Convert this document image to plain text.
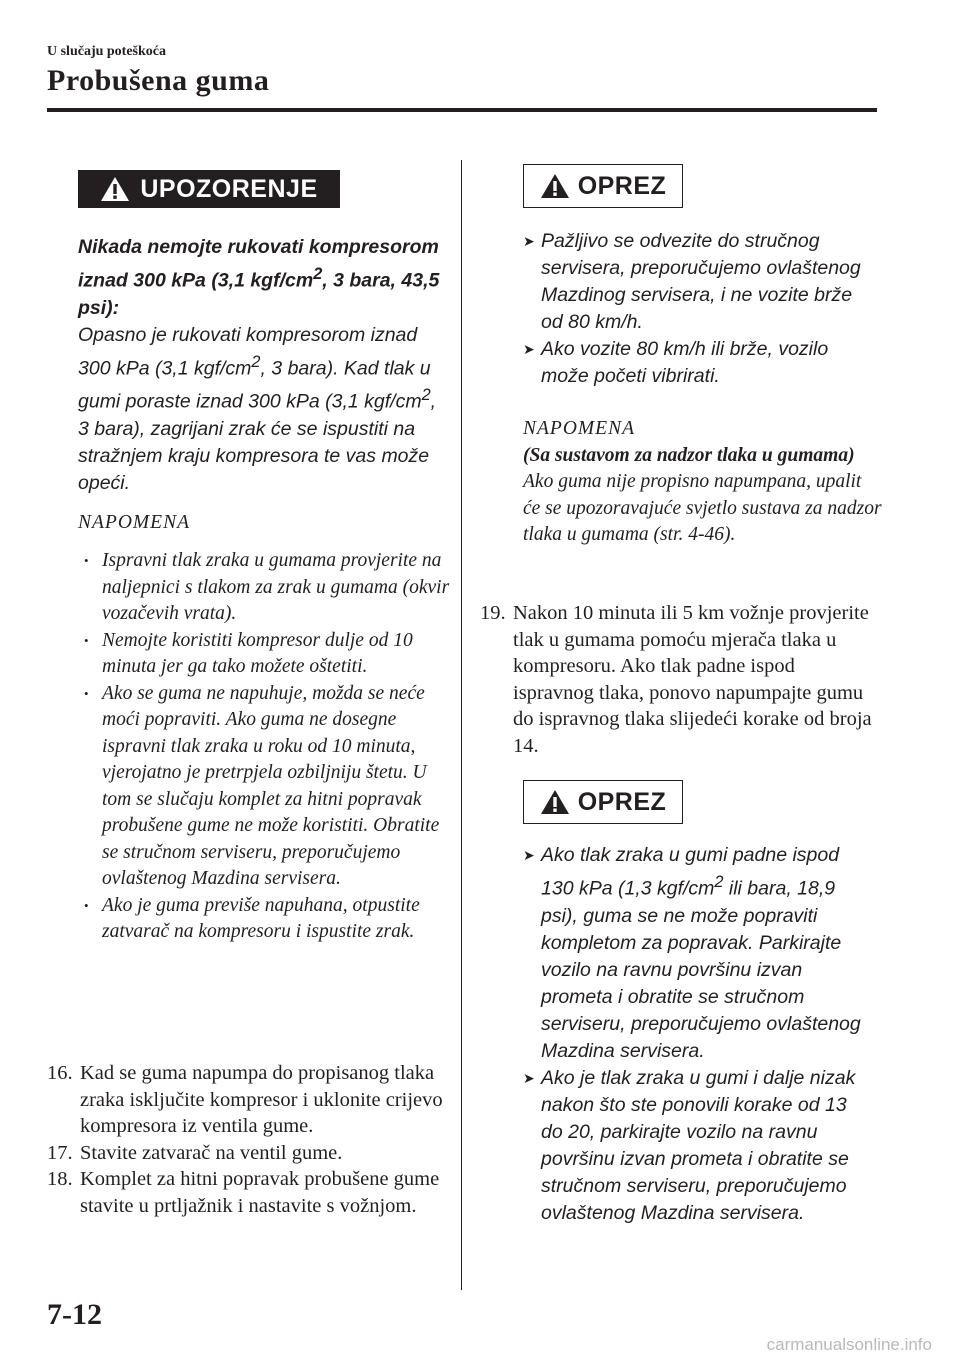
U slučaju poteškoća
Probušena guma
UPOZORENJE
Nikada nemojte rukovati kompresorom iznad 300 kPa (3,1 kgf/$cm^2$, 3 bara, 43,5 psi):
Opasno je rukovati kompresorom iznad 300 kPa (3,1 kgf/$cm^2$, 3 bara). Kad tlak u gumi poraste iznad 300 kPa (3,1 kgf/$cm^2$, 3 bara), zagrijani zrak će se ispustiti na stražnjem kraju kompresora te vas može opeći.
NAPOMENA

• Ispravni tlak zraka u gumama provjerite na naljepnici s tlakom za zrak u gumama (okvir vozačevih vrata).

• Nemojte koristiti kompresor dulje od 10 minuta jer ga tako možete oštetiti.

• Ako se guma ne napuhuje, možda se neće moći popraviti. Ako guma ne dosegne ispravni tlak zraka u roku od 10 minuta, vjerojatno je pretrpjela ozbiljniju štetu. U tom se slučaju komplet za hitni popravak probušene gume ne može koristiti. Obratite se stručnom serviseru, preporučujemo ovlaštenog Mazdina servisera.

• Ako je guma previše napuhana, otpustite zatvarač na kompresoru i ispustite zrak.

16. Kad se guma napumpa do propisanog tlaka zraka isključite kompresor i uklonite crijevo kompresora iz ventila gume.

17. Stavite zatvarač na ventil gume.

18. Komplet za hitni popravak probušene gume stavite u prtljažnik i nastavite s vožnjom.

OPREZ

➤ Pažljivo se odvezite do stručnog servisera, preporučujemo ovlaštenog Mazdinog servisera, i ne vozite brže od 80 km/h.

➤ Ako vozite 80 km/h ili brže, vozilo može početi vibrirati.

NAPOMENA
(Sa sustavom za nadzor tlaka u gumama)
Ako guma nije propisno napumpana, upalit će se upozoravajuće svjetlo sustava za nadzor tlaka u gumama (str. 4-46).

19. Nakon 10 minuta ili 5 km vožnje provjerite tlak u gumama pomoću mjerača tlaka u kompresoru. Ako tlak padne ispod ispravnog tlaka, ponovo napumpajte gumu do ispravnog tlaka slijedeći korake od broja 14.

OPREZ

➤ Ako tlak zraka u gumi padne ispod 130 kPa (1,3 kgf/$cm^2$ ili bara, 18,9 psi), guma se ne može popraviti kompletom za popravak. Parkirajte vozilo na ravnu površinu izvan prometa i obratite se stručnom serviseru, preporučujemo ovlaštenog Mazdina servisera.

➤ Ako je tlak zraka u gumi i dalje nizak nakon što ste ponovili korake od 13 do 20, parkirajte vozilo na ravnu površinu izvan prometa i obratite se stručnom serviseru, preporučujemo ovlaštenog Mazdina servisera.

7-12
carmanualsonline.info
